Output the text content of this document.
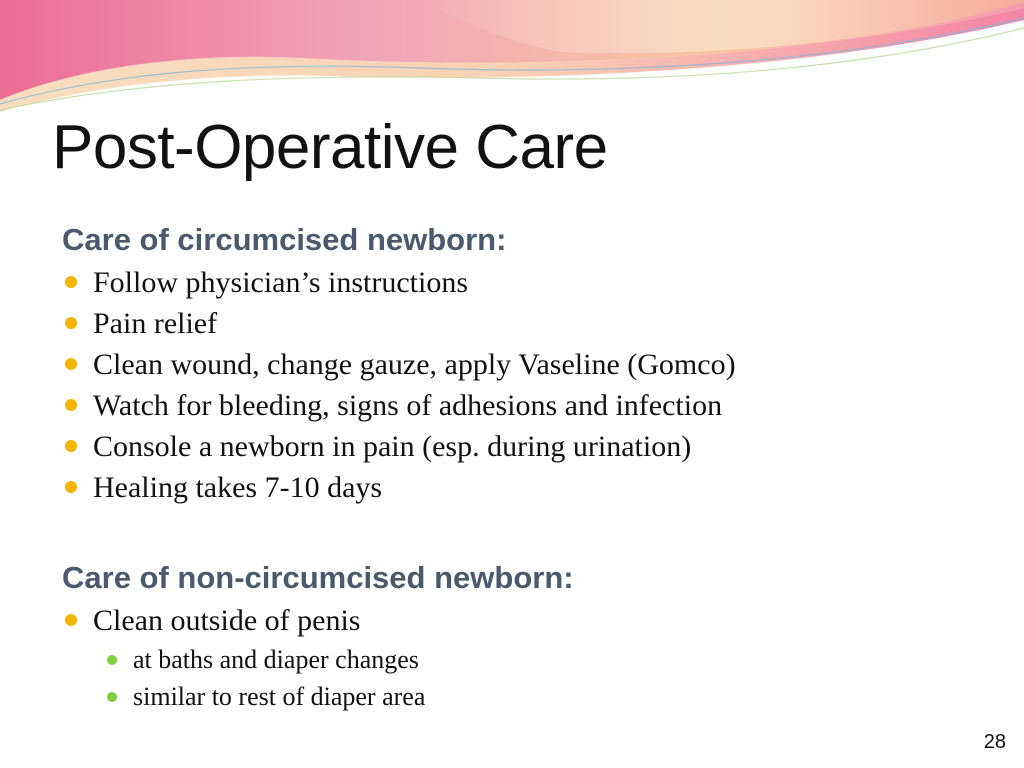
Post-Operative Care
Care of circumcised newborn:
Follow physician’s instructions
Pain relief
Clean wound, change gauze, apply Vaseline (Gomco)
Watch for bleeding, signs of adhesions and infection
Console a newborn in pain (esp. during urination)
Healing takes 7-10 days
Care of non-circumcised newborn:
Clean outside of penis
at baths and diaper changes
similar to rest of diaper area
28
